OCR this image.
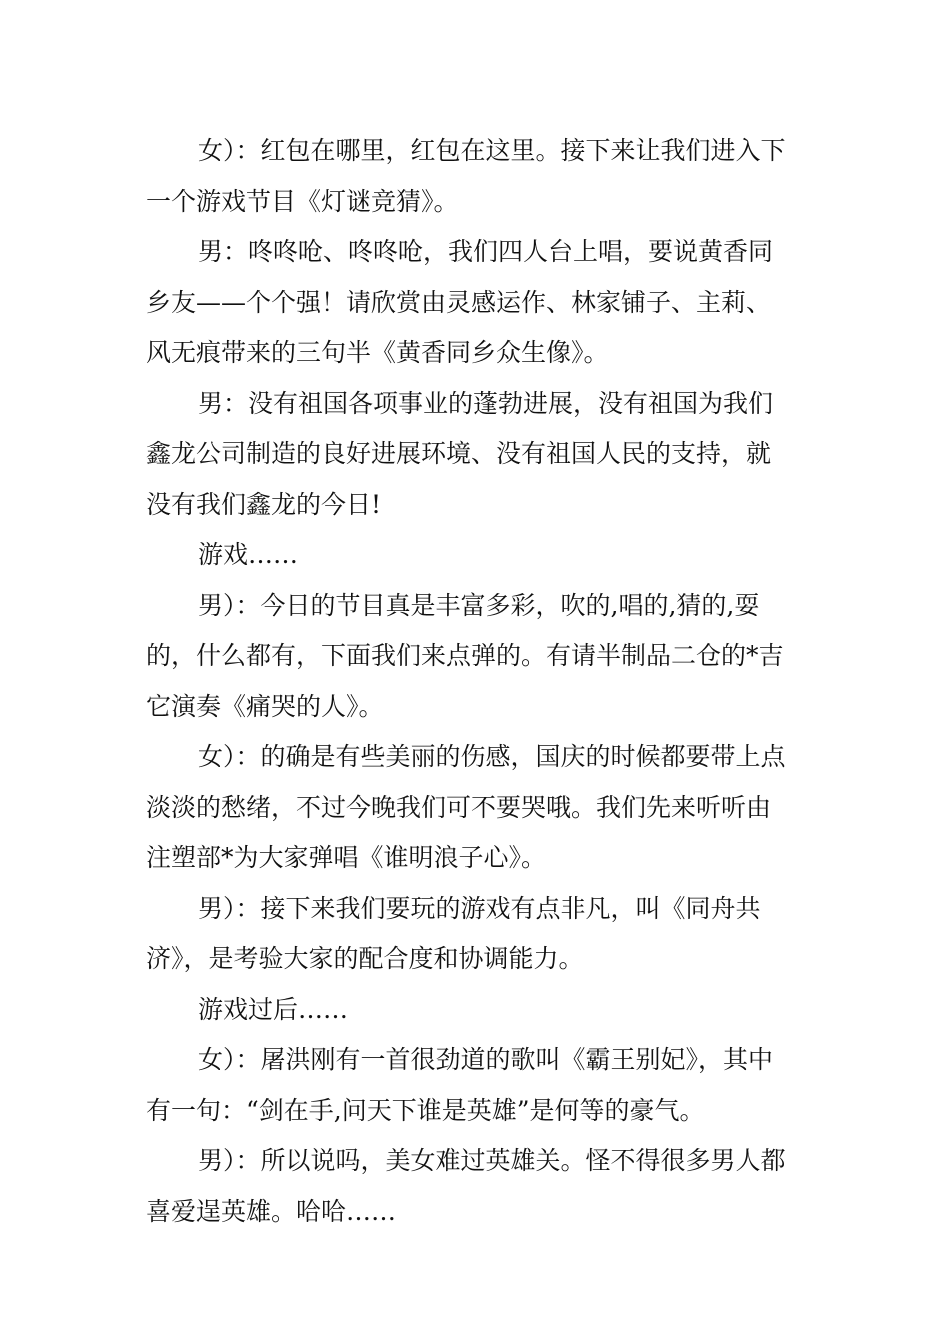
女）：红包在哪里，红包在这里。接下来让我们进入下
一个游戏节目《灯谜竞猜》。

男：咚咚呛、咚咚呛，我们四人台上唱，要说黄香同
乡友——个个强！请欣赏由灵感运作、林家铺子、主莉、
风无痕带来的三句半《黄香同乡众生像》。

男：没有祖国各项事业的蓬勃进展，没有祖国为我们
鑫龙公司制造的良好进展环境、没有祖国人民的支持，就
没有我们鑫龙的今日!

游戏……

男）：今日的节目真是丰富多彩，吹的,唱的,猜的,耍
的，什么都有，下面我们来点弹的。有请半制品二仓的*吉
它演奏《痛哭的人》。

女）：的确是有些美丽的伤感，国庆的时候都要带上点
淡淡的愁绪，不过今晚我们可不要哭哦。我们先来听听由
注塑部*为大家弹唱《谁明浪子心》。

男）：接下来我们要玩的游戏有点非凡，叫《同舟共
济》，是考验大家的配合度和协调能力。

游戏过后……

女）：屠洪刚有一首很劲道的歌叫《霸王别妃》，其中
有一句：“剑在手,问天下谁是英雄”是何等的豪气。

男）：所以说吗，美女难过英雄关。怪不得很多男人都
喜爱逞英雄。哈哈……
